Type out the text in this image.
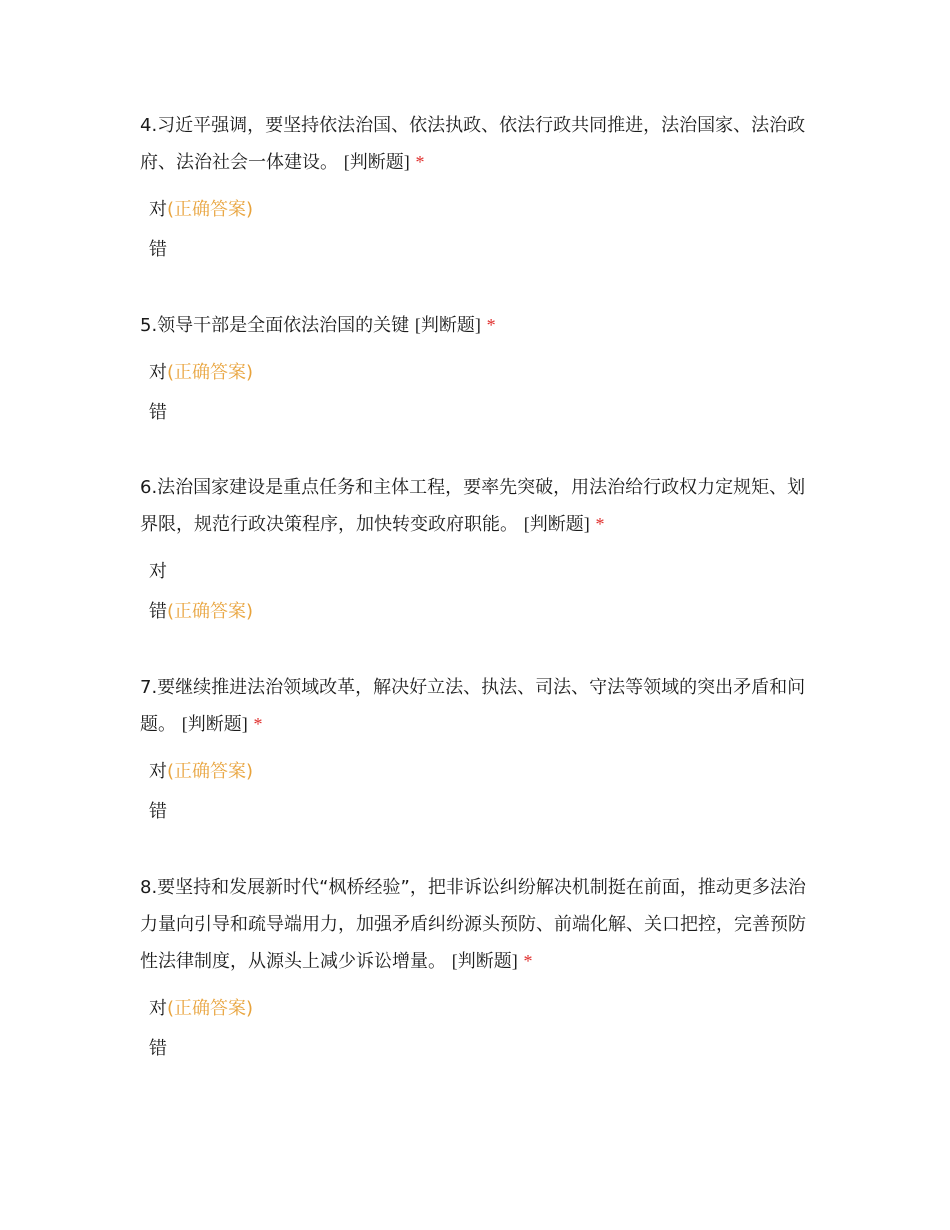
4.习近平强调，要坚持依法治国、依法执政、依法行政共同推进，法治国家、法治政府、法治社会一体建设。 [判断题] *

对(正确答案)
错

5.领导干部是全面依法治国的关键 [判断题] *

对(正确答案)
错

6.法治国家建设是重点任务和主体工程，要率先突破，用法治给行政权力定规矩、划界限，规范行政决策程序，加快转变政府职能。 [判断题] *

对
错(正确答案)

7.要继续推进法治领域改革，解决好立法、执法、司法、守法等领域的突出矛盾和问题。 [判断题] *

对(正确答案)
错

8.要坚持和发展新时代“枫桥经验”，把非诉讼纠纷解决机制挺在前面，推动更多法治力量向引导和疏导端用力，加强矛盾纠纷源头预防、前端化解、关口把控，完善预防性法律制度，从源头上减少诉讼增量。 [判断题] *

对(正确答案)
错
